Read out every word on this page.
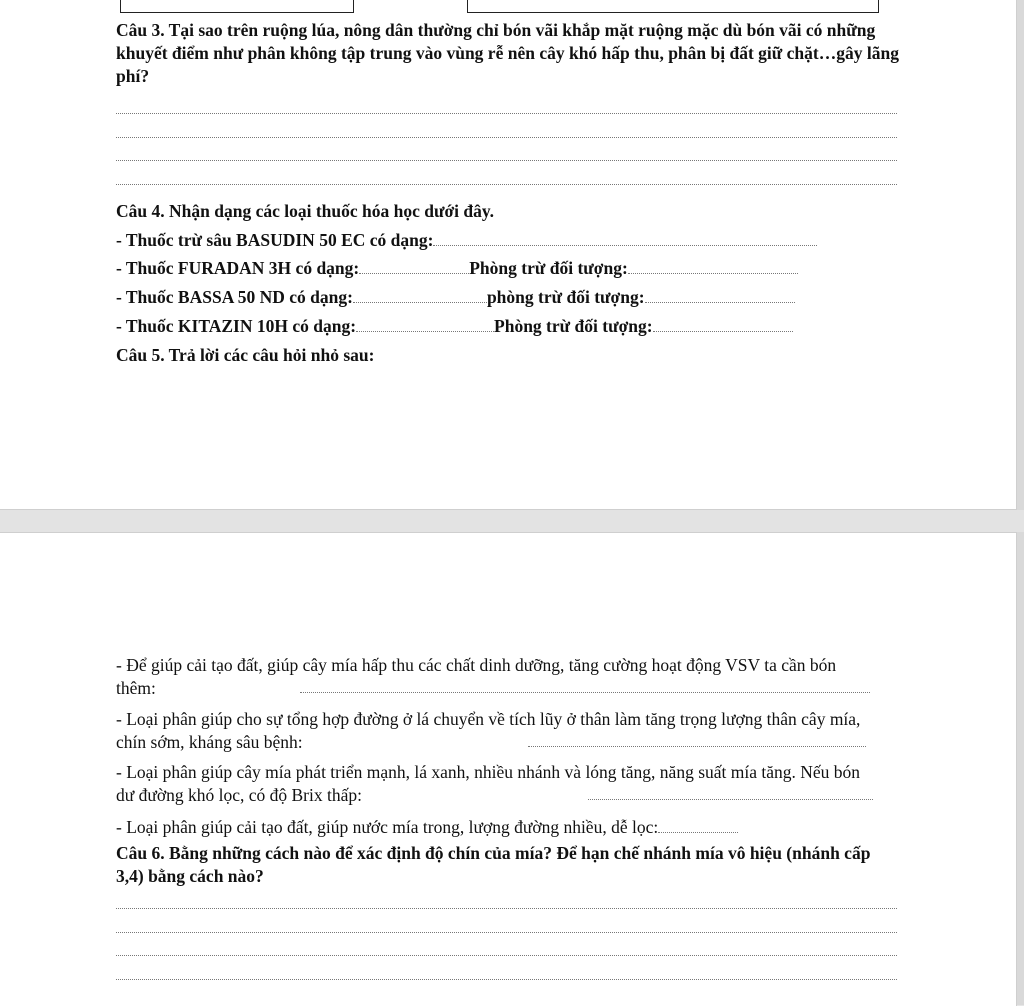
Câu 3. Tại sao trên ruộng lúa, nông dân thường chỉ bón vãi khắp mặt ruộng mặc dù bón vãi có những khuyết điểm như phân không tập trung vào vùng rễ nên cây khó hấp thu, phân bị đất giữ chặt…gây lãng phí?
Câu 4. Nhận dạng các loại thuốc hóa học dưới đây.
- Thuốc trừ sâu BASUDIN 50 EC có dạng:
- Thuốc FURADAN 3H có dạng:	Phòng trừ đối tượng:
- Thuốc BASSA 50 ND có dạng:	phòng trừ đối tượng:
- Thuốc KITAZIN 10H có dạng:	Phòng trừ đối tượng:
Câu 5. Trả lời các câu hỏi nhỏ sau:
- Để giúp cải tạo đất, giúp cây mía hấp thu các chất dinh dưỡng, tăng cường hoạt động VSV ta cần bón thêm:
- Loại phân giúp cho sự tổng hợp đường ở lá chuyển về tích lũy ở thân làm tăng trọng lượng thân cây mía, chín sớm, kháng sâu bệnh:
- Loại phân giúp cây mía phát triển mạnh, lá xanh, nhiều nhánh và lóng tăng, năng suất mía tăng. Nếu bón dư đường khó lọc, có độ Brix thấp:
- Loại phân giúp cải tạo đất, giúp nước mía trong, lượng đường nhiều, dễ lọc:
Câu 6. Bằng những cách nào để xác định độ chín của mía? Để hạn chế nhánh mía vô hiệu (nhánh cấp 3,4) bằng cách nào?
